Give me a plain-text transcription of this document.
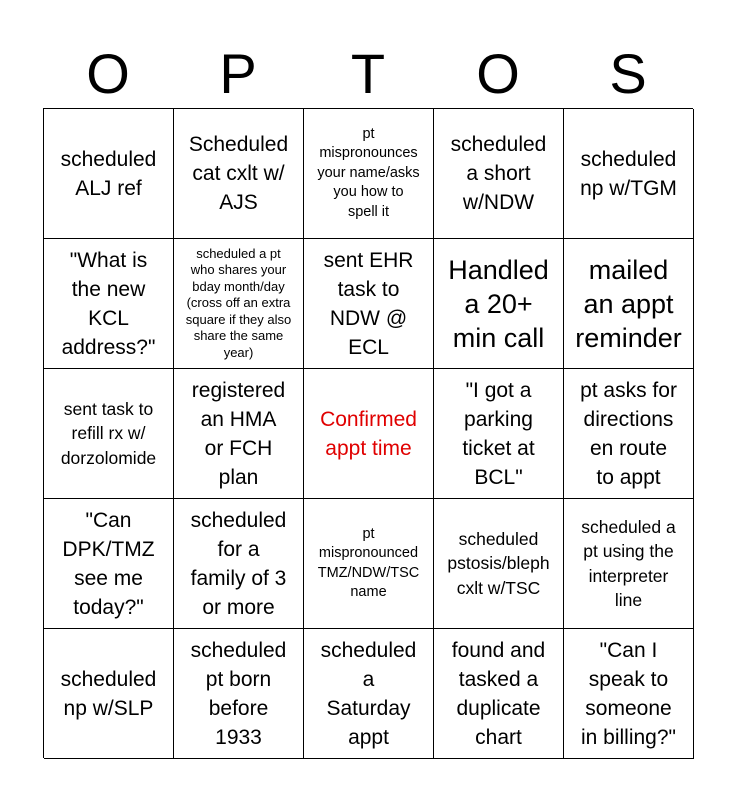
O	P	T	O	S
scheduled
ALJ ref
Scheduled
cat cxlt w/
AJS
pt
mispronounces
your name/asks
you how to
spell it
scheduled
a short
w/NDW
scheduled
np w/TGM
"What is
the new
KCL
address?"
scheduled a pt
who shares your
bday month/day
(cross off an extra
square if they also
share the same
year)
sent EHR
task to
NDW @
ECL
Handled
a 20+
min call
mailed
an appt
reminder
sent task to
refill rx w/
dorzolomide
registered
an HMA
or FCH
plan
Confirmed
appt time
"I got a
parking
ticket at
BCL"
pt asks for
directions
en route
to appt
"Can
DPK/TMZ
see me
today?"
scheduled
for a
family of 3
or more
pt
mispronounced
TMZ/NDW/TSC
name
scheduled
pstosis/bleph
cxlt w/TSC
scheduled a
pt using the
interpreter
line
scheduled
np w/SLP
scheduled
pt born
before
1933
scheduled
a
Saturday
appt
found and
tasked a
duplicate
chart
"Can I
speak to
someone
in billing?"
